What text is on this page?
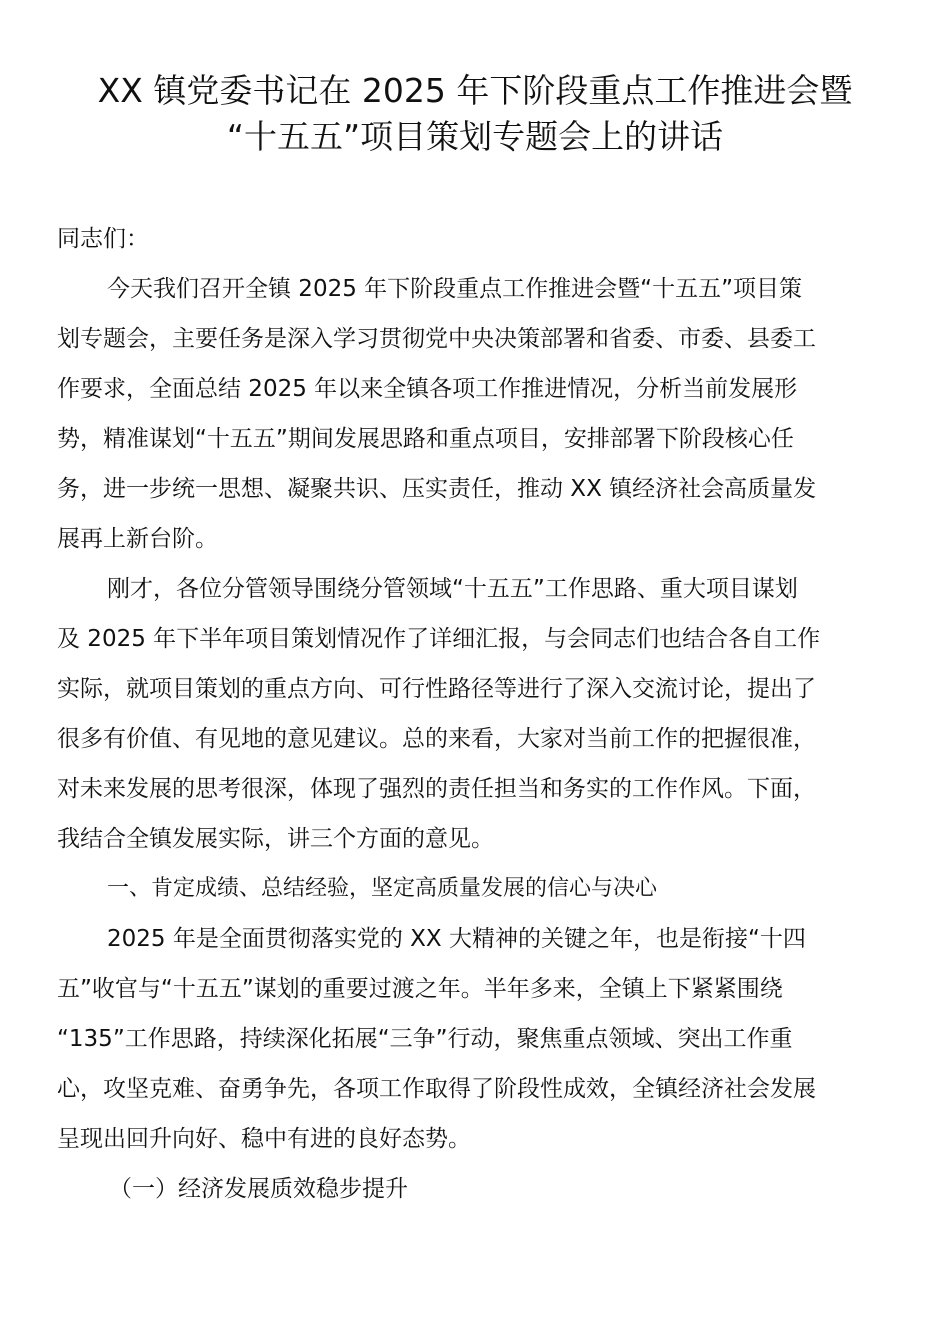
XX 镇党委书记在 2025 年下阶段重点工作推进会暨
“十五五”项目策划专题会上的讲话
同志们：
今天我们召开全镇 2025 年下阶段重点工作推进会暨“十五五”项目策
划专题会，主要任务是深入学习贯彻党中央决策部署和省委、市委、县委工
作要求，全面总结 2025 年以来全镇各项工作推进情况，分析当前发展形
势，精准谋划“十五五”期间发展思路和重点项目，安排部署下阶段核心任
务，进一步统一思想、凝聚共识、压实责任，推动 XX 镇经济社会高质量发
展再上新台阶。
刚才，各位分管领导围绕分管领域“十五五”工作思路、重大项目谋划
及 2025 年下半年项目策划情况作了详细汇报，与会同志们也结合各自工作
实际，就项目策划的重点方向、可行性路径等进行了深入交流讨论，提出了
很多有价值、有见地的意见建议。总的来看，大家对当前工作的把握很准，
对未来发展的思考很深，体现了强烈的责任担当和务实的工作作风。下面，
我结合全镇发展实际，讲三个方面的意见。
一、肯定成绩、总结经验，坚定高质量发展的信心与决心
2025 年是全面贯彻落实党的 XX 大精神的关键之年，也是衔接“十四
五”收官与“十五五”谋划的重要过渡之年。半年多来，全镇上下紧紧围绕
“135”工作思路，持续深化拓展“三争”行动，聚焦重点领域、突出工作重
心，攻坚克难、奋勇争先，各项工作取得了阶段性成效，全镇经济社会发展
呈现出回升向好、稳中有进的良好态势。
（一）经济发展质效稳步提升
